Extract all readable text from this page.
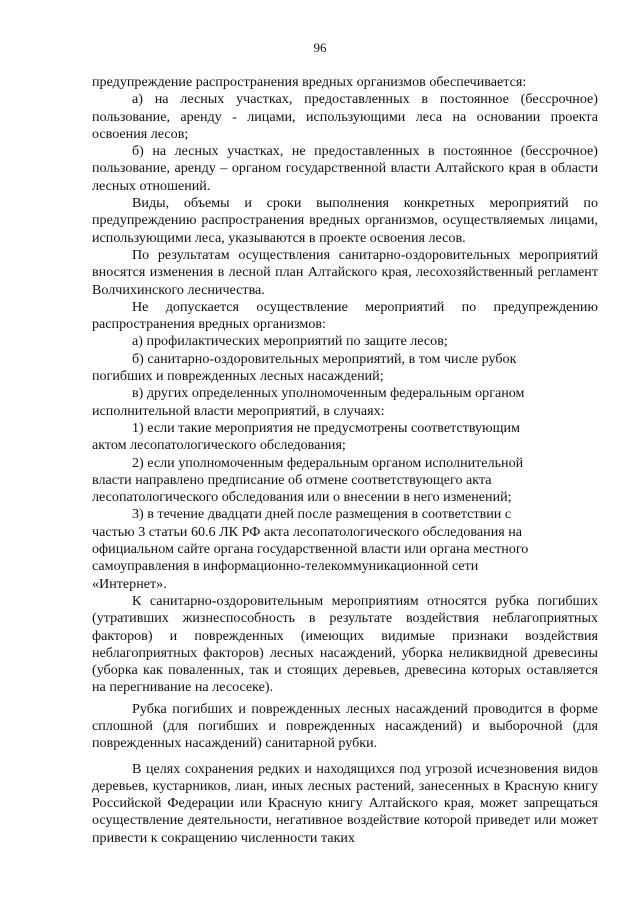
96

предупреждение распространения вредных организмов обеспечивается:

а) на лесных участках, предоставленных в постоянное (бессрочное) пользование, аренду - лицами, использующими леса на основании проекта освоения лесов;

б) на лесных участках, не предоставленных в постоянное (бессрочное) пользование, аренду – органом государственной власти Алтайского края в области лесных отношений.

Виды, объемы и сроки выполнения конкретных мероприятий по предупреждению распространения вредных организмов, осуществляемых лицами, использующими леса, указываются в проекте освоения лесов.

По результатам осуществления санитарно-оздоровительных мероприятий вносятся изменения в лесной план Алтайского края, лесохозяйственный регламент Волчихинского лесничества.

Не допускается осуществление мероприятий по предупреждению распространения вредных организмов:

а) профилактических мероприятий по защите лесов;

б) санитарно-оздоровительных мероприятий, в том числе рубок погибших и поврежденных лесных насаждений;

в) других определенных уполномоченным федеральным органом исполнительной власти мероприятий, в случаях:

1) если такие мероприятия не предусмотрены соответствующим актом лесопатологического обследования;

2) если уполномоченным федеральным органом исполнительной власти направлено предписание об отмене соответствующего акта лесопатологического обследования или о внесении в него изменений;

3) в течение двадцати дней после размещения в соответствии с частью 3 статьи 60.6 ЛК РФ акта лесопатологического обследования на официальном сайте органа государственной власти или органа местного самоуправления в информационно-телекоммуникационной сети «Интернет».

К санитарно-оздоровительным мероприятиям относятся рубка погибших (утративших жизнеспособность в результате воздействия неблагоприятных факторов) и поврежденных (имеющих видимые признаки воздействия неблагоприятных факторов) лесных насаждений, уборка неликвидной древесины (уборка как поваленных, так и стоящих деревьев, древесина которых оставляется на перегнивание на лесосеке).

Рубка погибших и поврежденных лесных насаждений проводится в форме сплошной (для погибших и поврежденных насаждений) и выборочной (для поврежденных насаждений) санитарной рубки.

В целях сохранения редких и находящихся под угрозой исчезновения видов деревьев, кустарников, лиан, иных лесных растений, занесенных в Красную книгу Российской Федерации или Красную книгу Алтайского края, может запрещаться осуществление деятельности, негативное воздействие которой приведет или может привести к сокращению численности таких
